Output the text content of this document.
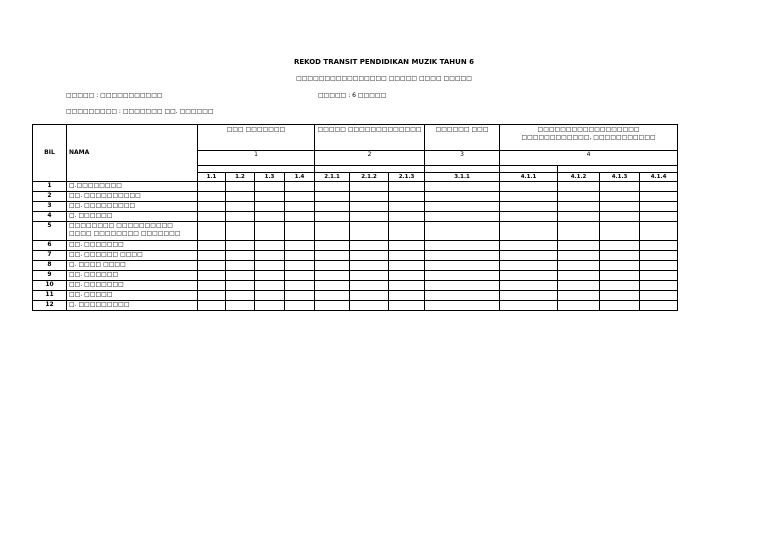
REKOD TRANSIT PENDIDIKAN MUZIK TAHUN 6
□□□□□□□□□□□□□□□□ □□□□□ □□□□ □□□□□
□□□□□ : □□□□□□□□□□□	□□□□□ : 6 □□□□□
□□□□□□□□□ : □□□□□□□ □□. □□□□□□
BIL	NAMA	□□□ □□□□□□□				□□□□□ □□□□□□□□□□□□□			□□□□□□ □□□	□□□□□□□□□□□□□□□□□□ □□□□□□□□□□□□, □□□□□□□□□□□			

		1				2			3	4			

		1.1	1.2	1.3	1.4	2.1.1	2.1.2	2.1.3	3.1.1	4.1.1	4.1.2	4.1.3	4.1.4
1	□.□□□□□□□□												
2	□□. □□□□□□□□□□												
3	□□. □□□□□□□□□												
4	□. □□□□□□												
5	□□□□□□□□ □□□□□□□□□□ □□□□ □□□□□□□□ □□□□□□□												
6	□□. □□□□□□□												
7	□□. □□□□□□ □□□□												
8	□. □□□□ □□□□												
9	□□. □□□□□□												
10	□□. □□□□□□□												
11	□□. □□□□□												
12	□. □□□□□□□□□												
